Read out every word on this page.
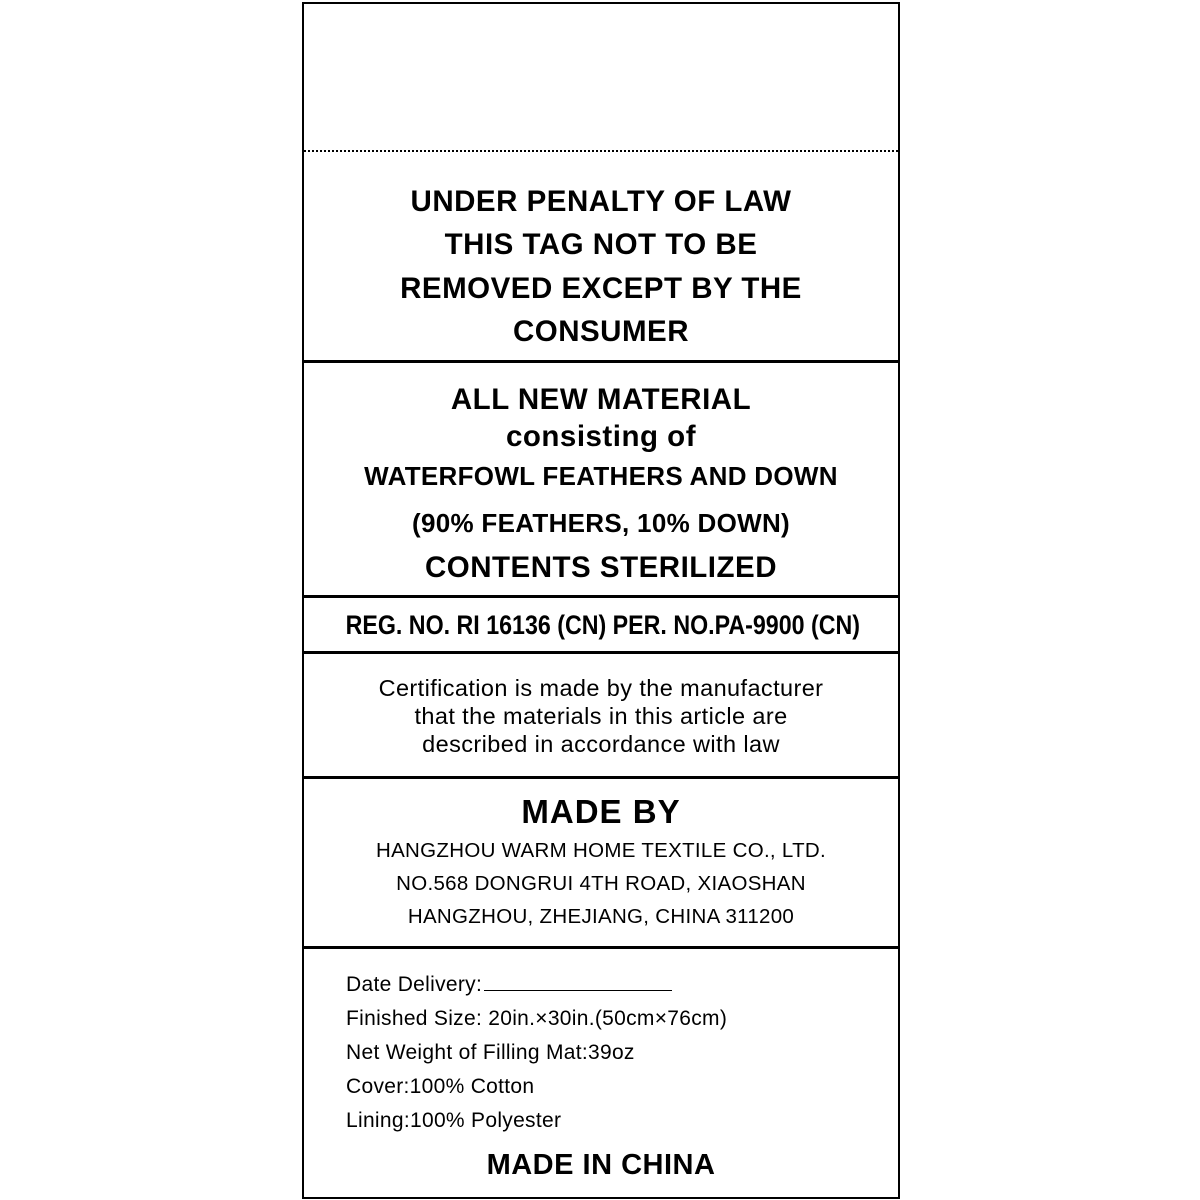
UNDER PENALTY OF LAW
THIS TAG NOT TO BE
REMOVED EXCEPT BY THE
CONSUMER
ALL NEW MATERIAL
consisting of
WATERFOWL FEATHERS AND DOWN
(90% FEATHERS, 10% DOWN)
CONTENTS STERILIZED
REG. NO. RI 16136 (CN) PER. NO.PA-9900 (CN)
Certification is made by the manufacturer
that the materials in this article are
described in accordance with law
MADE BY
HANGZHOU WARM HOME TEXTILE CO., LTD.
NO.568 DONGRUI 4TH ROAD, XIAOSHAN
HANGZHOU, ZHEJIANG, CHINA 311200
Date Delivery:
Finished Size: 20in.×30in.(50cm×76cm)
Net Weight of Filling Mat:39oz
Cover:100% Cotton
Lining:100% Polyester
MADE IN CHINA
